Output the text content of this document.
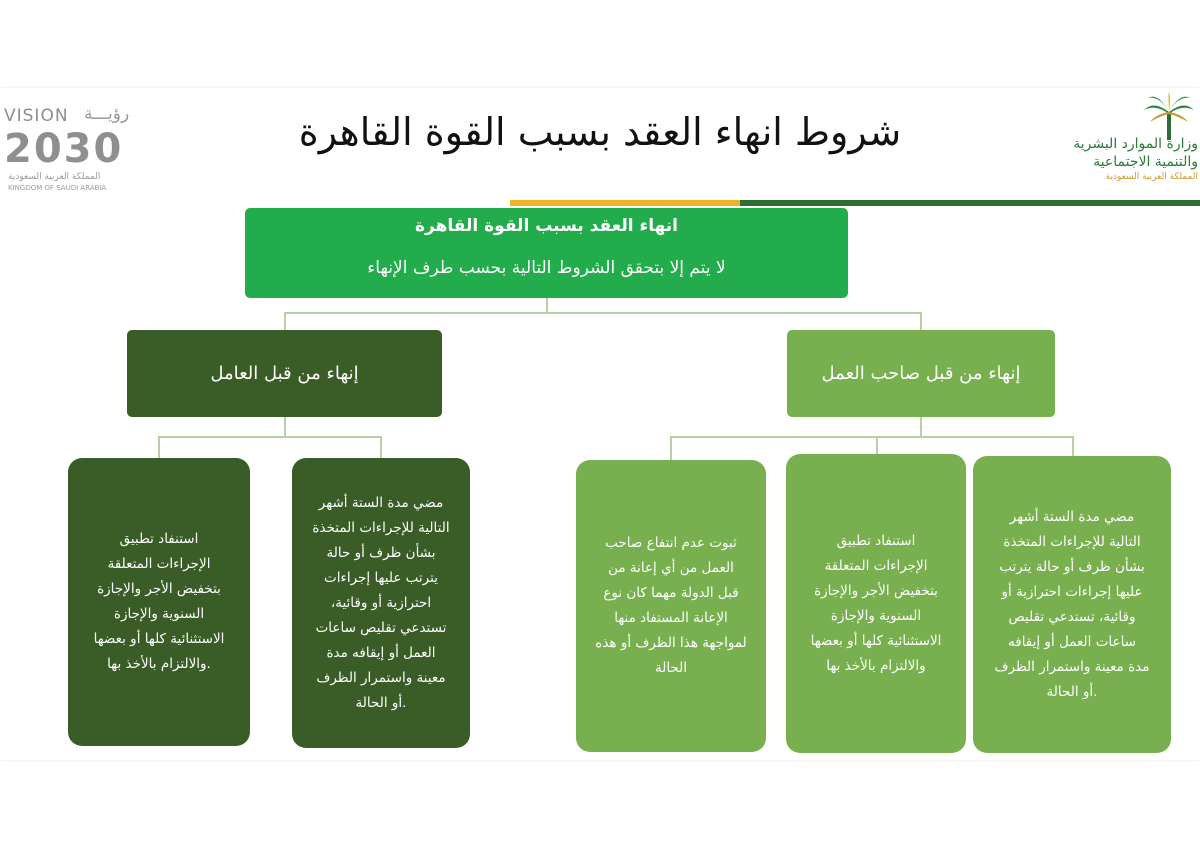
VISION رؤيـــة
2030
المملكة العربية السعودية
KINGDOM OF SAUDI ARABIA
وزارة الموارد البشرية
والتنمية الاجتماعية
المملكة العربية السعودية
شروط انهاء العقد بسبب القوة القاهرة
انهاء العقد بسبب القوة القاهرة
لا يتم إلا بتحقق الشروط التالية بحسب طرف الإنهاء
إنهاء من قبل العامل	إنهاء من قبل صاحب العمل
مضي مدة الستة أشهر
التالية للإجراءات المتخذة
بشأن ظرف أو حالة
يترتب عليها إجراءات
احترازية أو وقائية،
تستدعي تقليص ساعات
العمل أو إيقافه مدة
معينة واستمرار الظرف
.أو الحالة
استنفاد تطبيق
الإجراءات المتعلقة
بتخفيض الأجر والإجازة
السنوية والإجازة
الاستثنائية كلها أو بعضها
.والالتزام بالأخذ بها
مضي مدة الستة أشهر
التالية للإجراءات المتخذة
بشأن ظرف أو حالة يترتب
عليها إجراءات احترازية أو
وقائية، تستدعي تقليص
ساعات العمل أو إيقافه
مدة معينة واستمرار الظرف
.أو الحالة
استنفاد تطبيق
الإجراءات المتعلقة
بتخفيض الأجر والإجازة
السنوية والإجازة
الاستثنائية كلها أو بعضها
والالتزام بالأخذ بها
ثبوت عدم انتفاع صاحب
العمل من أي إعانة من
قبل الدولة مهما كان نوع
الإعانة المستفاد منها
لمواجهة هذا الظرف أو هذه
الحالة
